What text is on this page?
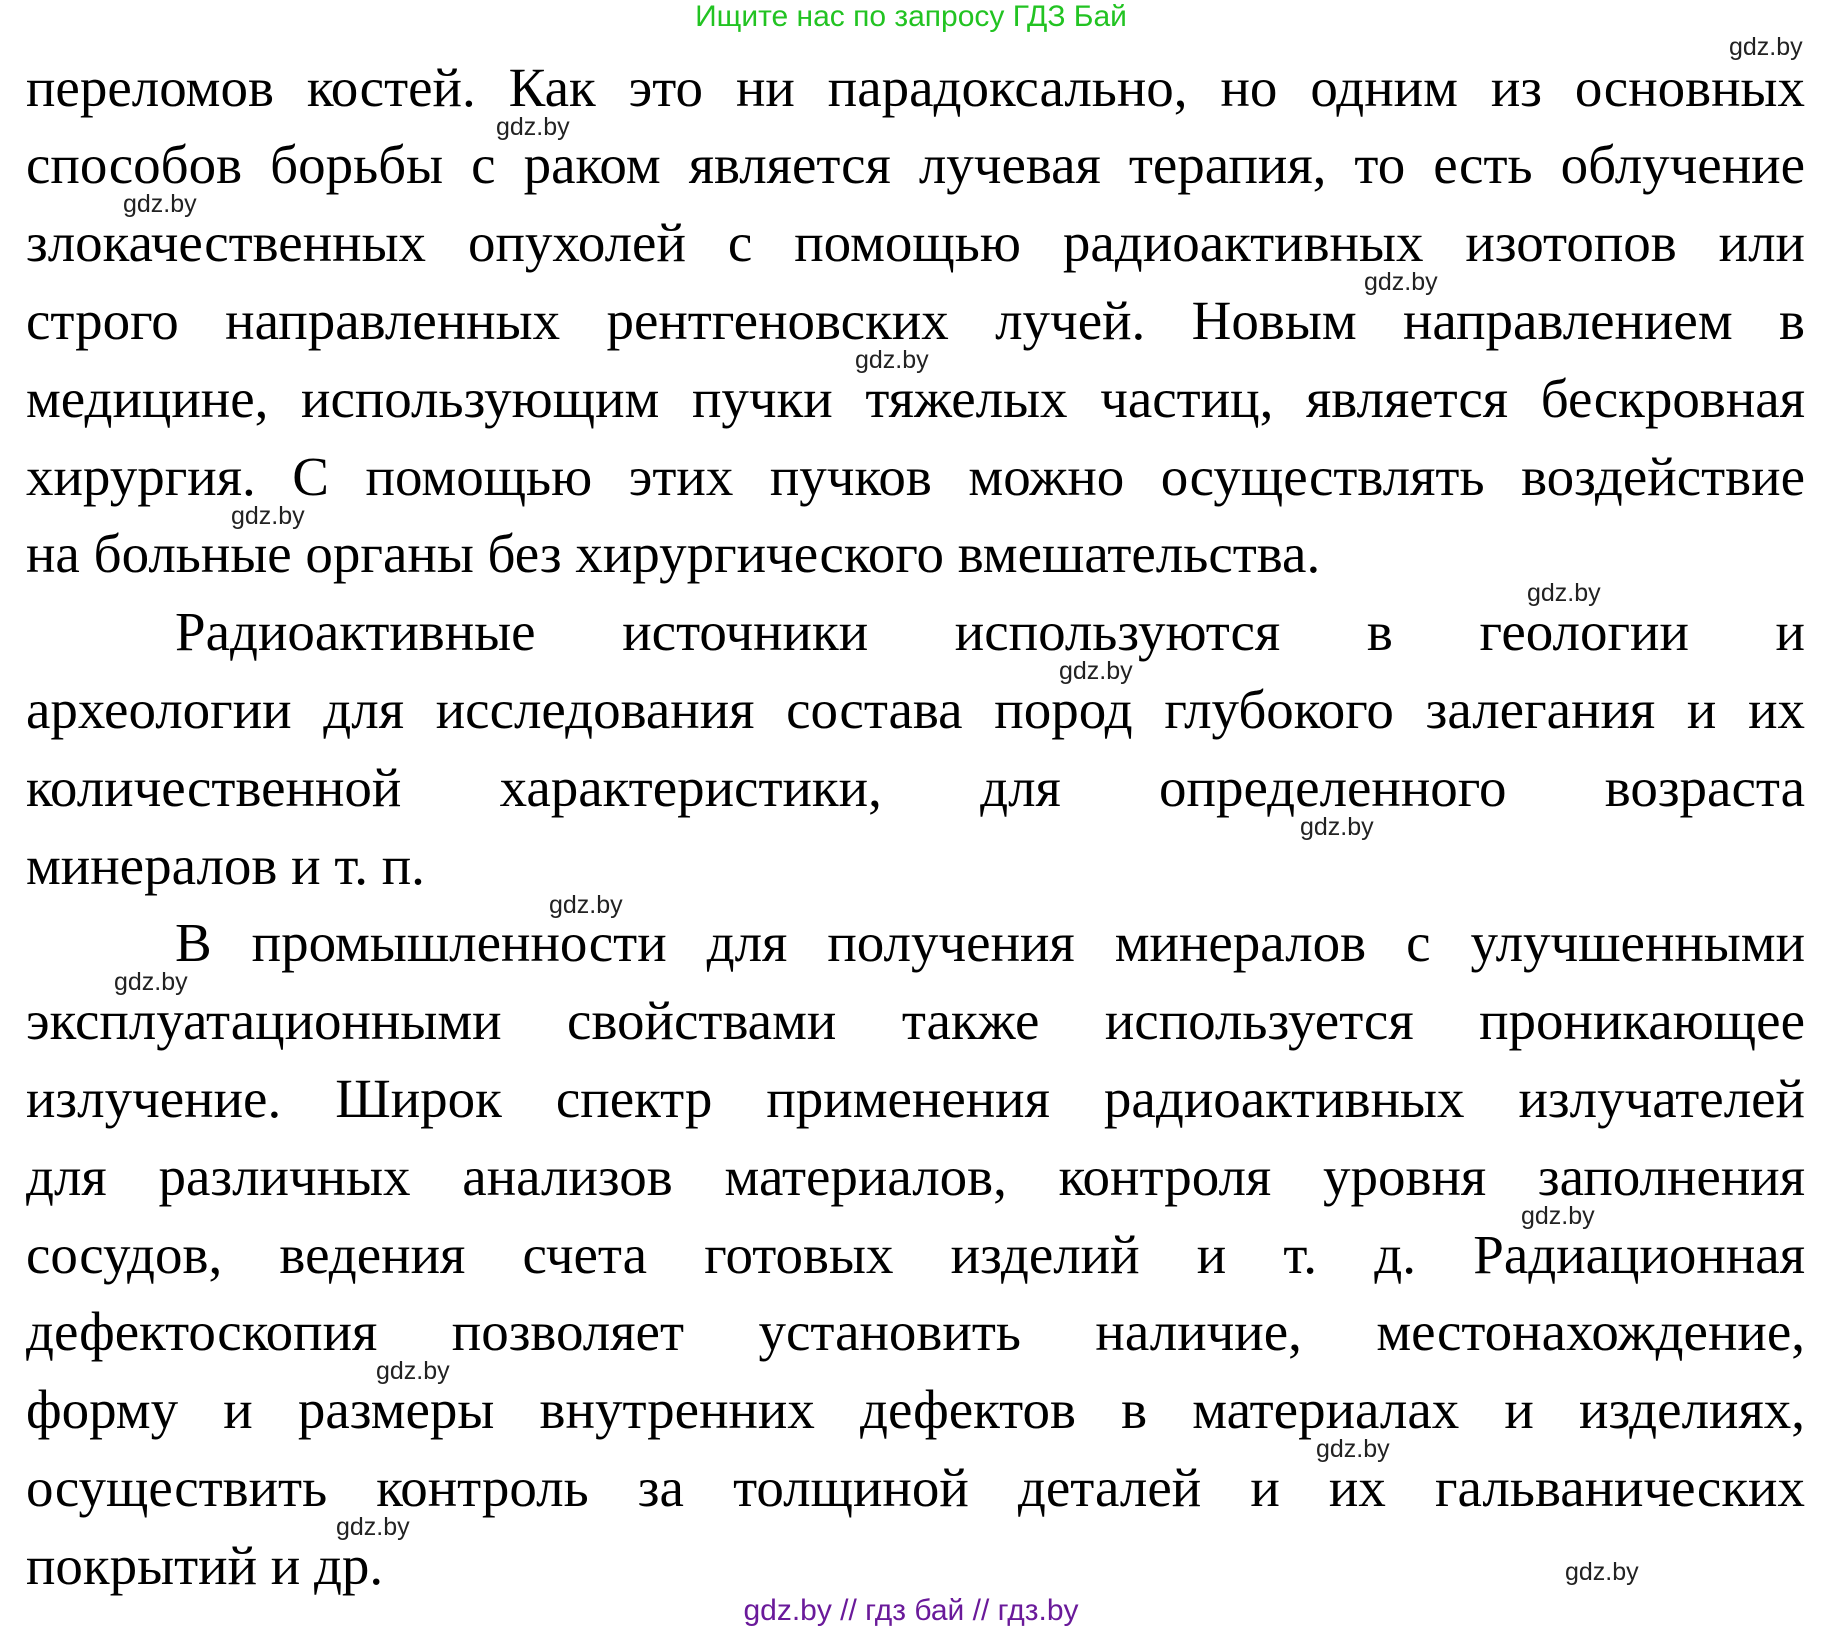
Ищите нас по запросу ГДЗ Бай
переломов костей. Как это ни парадоксально, но одним из основных
способов борьбы с раком является лучевая терапия, то есть облучение
злокачественных опухолей с помощью радиоактивных изотопов или
строго направленных рентгеновских лучей. Новым направлением в
медицине, использующим пучки тяжелых частиц, является бескровная
хирургия. С помощью этих пучков можно осуществлять воздействие
на больные органы без хирургического вмешательства.
Радиоактивные источники используются в геологии и
археологии для исследования состава пород глубокого залегания и их
количественной характеристики, для определенного возраста
минералов и т. п.
В промышленности для получения минералов с улучшенными
эксплуатационными свойствами также используется проникающее
излучение. Широк спектр применения радиоактивных излучателей
для различных анализов материалов, контроля уровня заполнения
сосудов, ведения счета готовых изделий и т. д. Радиационная
дефектоскопия позволяет установить наличие, местонахождение,
форму и размеры внутренних дефектов в материалах и изделиях,
осуществить контроль за толщиной деталей и их гальванических
покрытий и др.
gdz.by
gdz.by
gdz.by
gdz.by
gdz.by
gdz.by
gdz.by
gdz.by
gdz.by
gdz.by
gdz.by
gdz.by
gdz.by
gdz.by
gdz.by
gdz.by
gdz.by // гдз бай // гдз.by
